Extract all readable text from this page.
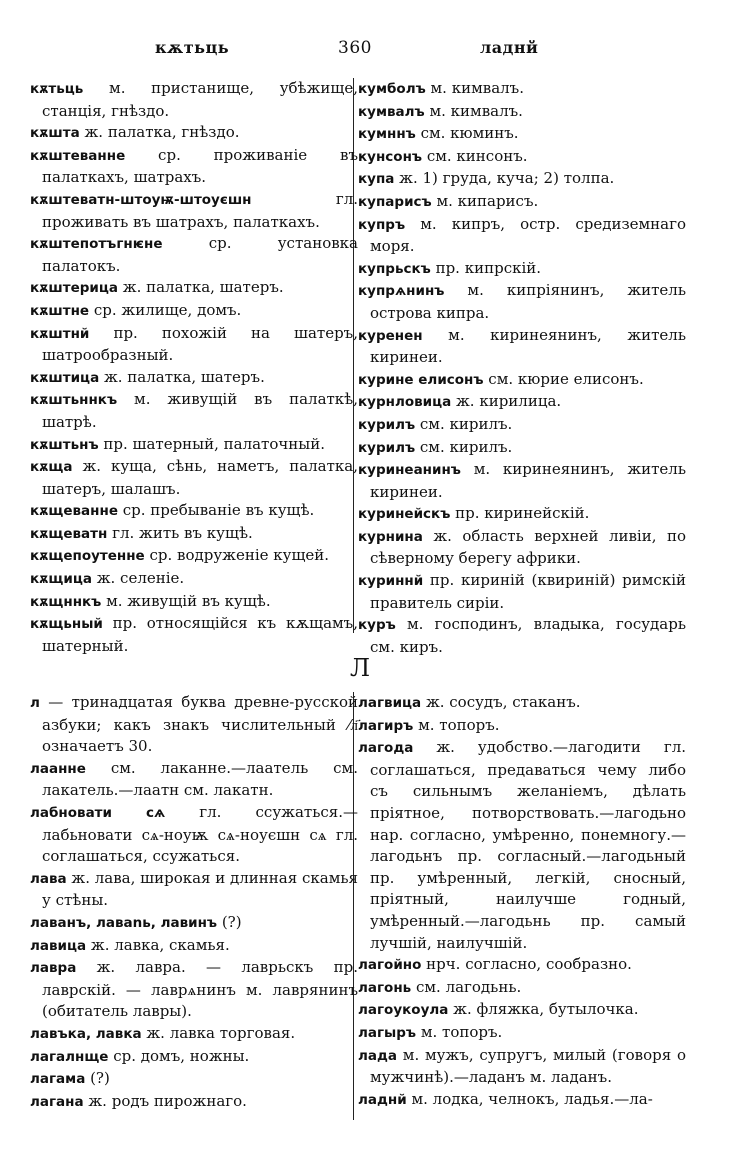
кѫтьць	360	ладнй
Л
кѫтьць м. пристанище, убѣжище, станція, гнѣздо.
кѫшта ж. палатка, гнѣздо.
кѫштеванне ср. проживаніе въ палаткахъ, шатрахъ.
кѫштеватн-штоуѭ-штоуєшн гл. проживать въ шатрахъ, палаткахъ.
кѫштепотъгнѥне ср. установка палатокъ.
кѫштерица ж. палатка, шатеръ.
кѫштне ср. жилище, домъ.
кѫштнй пр. похожій на шатеръ, шатрообразный.
кѫштица ж. палатка, шатеръ.
кѫштьннкъ м. живущій въ палаткѣ, шатрѣ.
кѫштьнъ пр. шатерный, палаточный.
кѫща ж. куща, сѣнь, наметъ, палатка, шатеръ, шалашъ.
кѫщеванне ср. пребываніе въ кущѣ.
кѫщеватн гл. жить въ кущѣ.
кѫщепоутенне ср. водруженіе кущей.
кѫщица ж. селеніе.
кѫщннкъ м. живущій въ кущѣ.
кѫщьный пр. относящійся къ кѫщамъ, шатерный.
кумболъ м. кимвалъ.
кумвалъ м. кимвалъ.
кумннъ см. кюминъ.
кунсонъ см. кинсонъ.
купа ж. 1) груда, куча; 2) толпа.
купарисъ м. кипарисъ.
купръ м. кипръ, остр. средиземнаго моря.
купрьскъ пр. кипрскій.
купрѧнинъ м. кипріянинъ, житель острова кипра.
куренен м. киринеянинъ, житель киринеи.
курине елисонъ см. кюрие елисонъ.
курнловица ж. кирилица.
курилъ см. кирилъ.
курилъ см. кирилъ.
куринеанинъ м. киринеянинъ, житель киринеи.
куринейскъ пр. киринейскій.
курнина ж. область верхней ливіи, по сѣверному берегу африки.
куриннй пр. кириній (квириній) римскій правитель сиріи.
куръ м. господинъ, владыка, государь см. киръ.
л — тринадцатая буква древне-русской азбуки; какъ знакъ числительный ⁄л҃ означаетъ 30.
лаанне см. лаканне.—лаатель см. лакатель.—лаатн см. лакатн.
лабновати сѧ гл. ссужаться.—лабьновати сѧ-ноуѭ сѧ-ноуєшн сѧ гл. соглашаться, ссужаться.
лава ж. лава, широкая и длинная скамья у стѣны.
лаванъ, лаваnь, лавинъ (?)
лавица ж. лавка, скамья.
лавра ж. лавра. — лаврьскъ пр. лаврскій. — лаврѧнинъ м. лаврянинъ (обитатель лавры).
лавъка, лавка ж. лавка торговая.
лагалнще ср. домъ, ножны.
лагама (?)
лагана ж. родъ пирожнаго.
лагвица ж. сосудъ, стаканъ.
лагиръ м. топоръ.
лагода ж. удобство.—лагодити гл. соглашаться, предаваться чему либо съ сильнымъ желаніемъ, дѣлать пріятное, потворствовать.—лагодьно нар. согласно, умѣренно, понемногу.—лагодьнъ пр. согласный.—лагодьный пр. умѣренный, легкій, сносный, пріятный, наилучше годный, умѣренный.—лагодьнь пр. самый лучшій, наилучшій.
лагойно нрч. согласно, сообразно.
лагонь см. лагодьнь.
лагоукоула ж. фляжка, бутылочка.
лагыръ м. топоръ.
лада м. мужъ, супругъ, милый (говоря о мужчинѣ).—ладанъ м. ладанъ.
ладнй м. лодка, челнокъ, ладья.—ла-
